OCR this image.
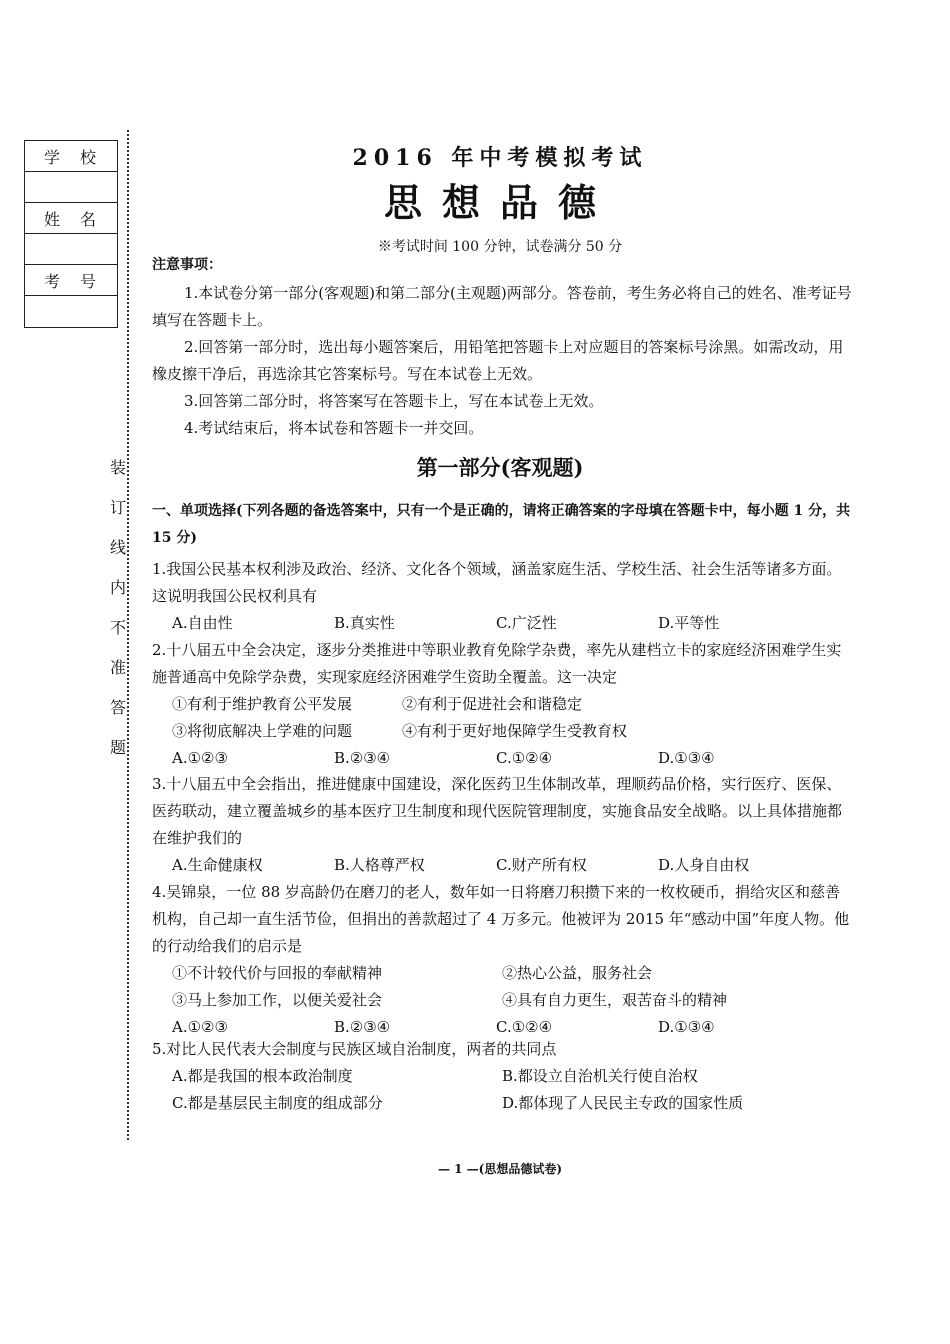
学校
姓名
考号
装
订
线
内
不
准
答
题
2016 年中考模拟考试
思想品德
※考试时间 100 分钟，试卷满分 50 分
注意事项：

1.本试卷分第一部分(客观题)和第二部分(主观题)两部分。答卷前，考生务必将自己的姓名、准考证号填写在答题卡上。

2.回答第一部分时，选出每小题答案后，用铅笔把答题卡上对应题目的答案标号涂黑。如需改动，用橡皮擦干净后，再选涂其它答案标号。写在本试卷上无效。

3.回答第二部分时，将答案写在答题卡上，写在本试卷上无效。

4.考试结束后，将本试卷和答题卡一并交回。

第一部分(客观题)
一、单项选择(下列各题的备选答案中，只有一个是正确的，请将正确答案的字母填在答题卡中，每小题 1 分，共 15 分)

1.我国公民基本权利涉及政治、经济、文化各个领域，涵盖家庭生活、学校生活、社会生活等诸多方面。这说明我国公民权利具有

A.自由性	B.真实性	C.广泛性	D.平等性

2.十八届五中全会决定，逐步分类推进中等职业教育免除学杂费，率先从建档立卡的家庭经济困难学生实施普通高中免除学杂费，实现家庭经济困难学生资助全覆盖。这一决定

①有利于维护教育公平发展	②有利于促进社会和谐稳定
③将彻底解决上学难的问题	④有利于更好地保障学生受教育权
A.①②③	B.②③④	C.①②④	D.①③④

3.十八届五中全会指出，推进健康中国建设，深化医药卫生体制改革，理顺药品价格，实行医疗、医保、医药联动，建立覆盖城乡的基本医疗卫生制度和现代医院管理制度，实施食品安全战略。以上具体措施都在维护我们的

A.生命健康权	B.人格尊严权	C.财产所有权	D.人身自由权

4.吴锦泉，一位 88 岁高龄仍在磨刀的老人，数年如一日将磨刀积攒下来的一枚枚硬币，捐给灾区和慈善机构，自己却一直生活节俭，但捐出的善款超过了 4 万多元。他被评为 2015 年“感动中国”年度人物。他的行动给我们的启示是

①不计较代价与回报的奉献精神	②热心公益，服务社会
③马上参加工作，以便关爱社会	④具有自力更生，艰苦奋斗的精神
A.①②③	B.②③④	C.①②④	D.①③④

5.对比人民代表大会制度与民族区域自治制度，两者的共同点

A.都是我国的根本政治制度	B.都设立自治机关行使自治权
C.都是基层民主制度的组成部分	D.都体现了人民民主专政的国家性质
— 1 —(思想品德试卷)
